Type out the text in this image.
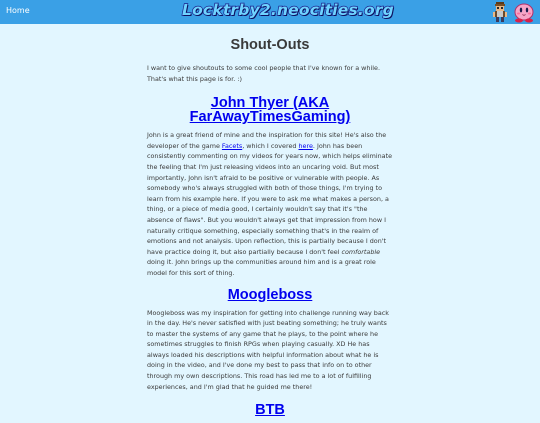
Home	Locktrby2.neocities.org
Shout-Outs

I want to give shoutouts to some cool people that I've known for a while. That's what this page is for. :)

John Thyer (AKA
FarAwayTimesGaming)

John is a great friend of mine and the inspiration for this site! He's also the developer of the game Facets, which I covered here. John has been consistently commenting on my videos for years now, which helps eliminate the feeling that I'm just releasing videos into an uncaring void. But most importantly, John isn't afraid to be positive or vulnerable with people. As somebody who's always struggled with both of those things, I'm trying to learn from his example here. If you were to ask me what makes a person, a thing, or a piece of media good, I certainly wouldn't say that it's "the absence of flaws". But you wouldn't always get that impression from how I naturally critique something, especially something that's in the realm of emotions and not analysis. Upon reflection, this is partially because I don't have practice doing it, but also partially because I don't feel comfortable doing it. John brings up the communities around him and is a great role model for this sort of thing.

Moogleboss

Moogleboss was my inspiration for getting into challenge running way back in the day. He's never satisfied with just beating something; he truly wants to master the systems of any game that he plays, to the point where he sometimes struggles to finish RPGs when playing casually. XD He has always loaded his descriptions with helpful information about what he is doing in the video, and I've done my best to pass that info on to other through my own descriptions. This road has led me to a lot of fulfilling experiences, and I'm glad that he guided me there!

BTB
